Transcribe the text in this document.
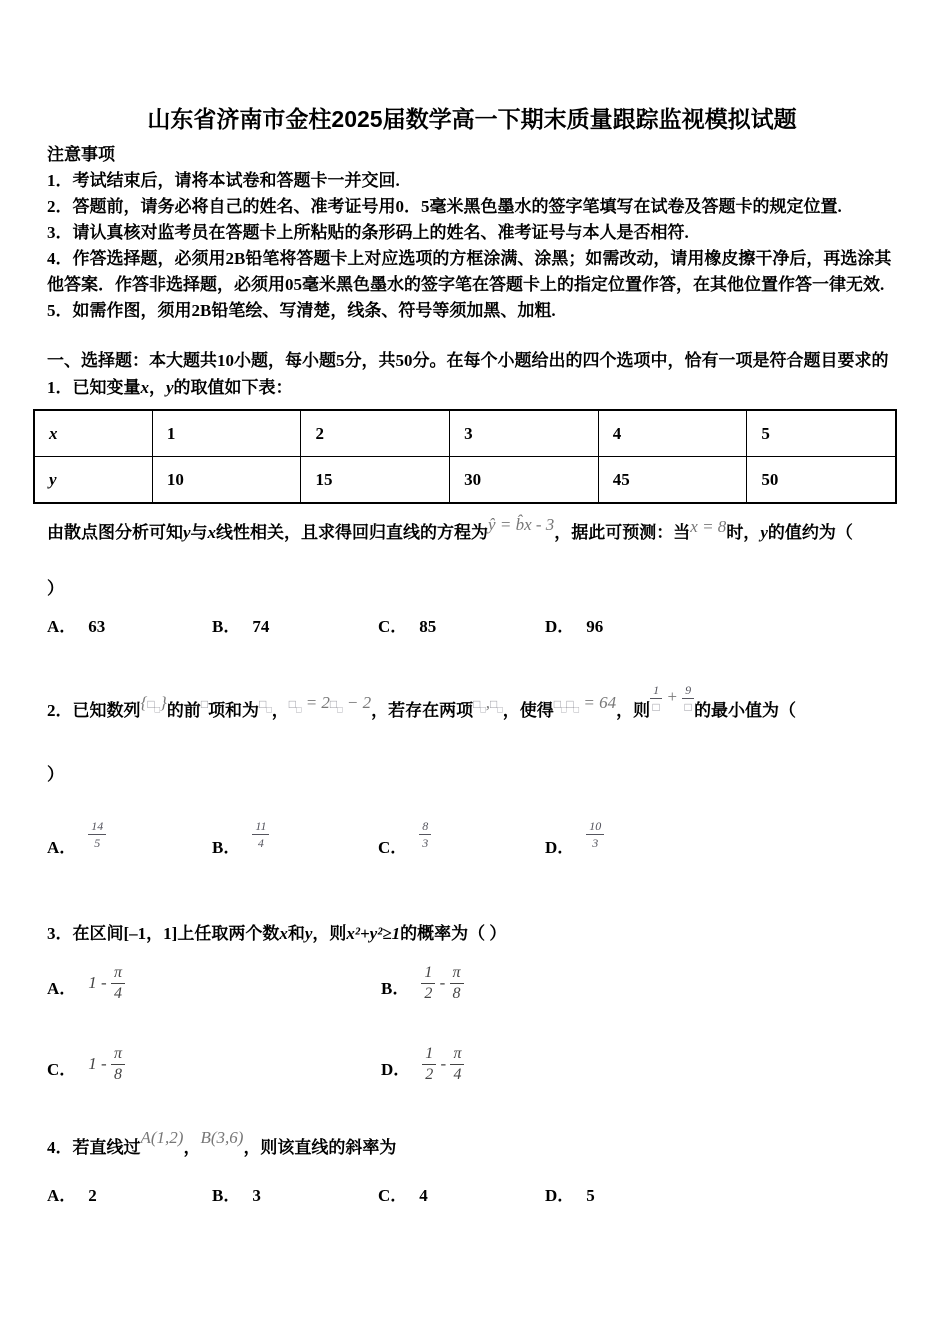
山东省济南市金柱2025届数学高一下期末质量跟踪监视模拟试题
注意事项
1．考试结束后，请将本试卷和答题卡一并交回.
2．答题前，请务必将自己的姓名、准考证号用0．5毫米黑色墨水的签字笔填写在试卷及答题卡的规定位置.
3．请认真核对监考员在答题卡上所粘贴的条形码上的姓名、准考证号与本人是否相符.
4．作答选择题，必须用2B铅笔将答题卡上对应选项的方框涂满、涂黑；如需改动，请用橡皮擦干净后，再选涂其他答案．作答非选择题，必须用05毫米黑色墨水的签字笔在答题卡上的指定位置作答，在其他位置作答一律无效.
5．如需作图，须用2B铅笔绘、写清楚，线条、符号等须加黑、加粗.
一、选择题：本大题共10小题，每小题5分，共50分。在每个小题给出的四个选项中，恰有一项是符合题目要求的
1．已知变量x，y的取值如下表：
x	1	2	3	4	5
y	10	15	30	45	50
由散点图分析可知y与x线性相关，且求得回归直线的方程为ŷ = b̂x - 3，据此可预测：当x = 8时，y的值约为（
）
A． 63	B． 74	C． 85	D． 96
2．已知数列$\{□_□\}$的前□项和为$□_□$，$□_□$ = $2□_□ - 2$，若存在两项$□_□,□_□$，使得$□_□□_□ = 64$，则 $\frac{1}{□} + \frac{9}{□}$ 的最小值为（
）
A． $\frac{14}{5}$	B． $\frac{11}{4}$	C． $\frac{8}{3}$	D． $\frac{10}{3}$
3．在区间[–1，1]上任取两个数x和y，则x²+y²≥1的概率为（ ）
A． $1 - \frac{\pi}{4}$	B． $\frac{1}{2} - \frac{\pi}{8}$
C． $1 - \frac{\pi}{8}$	D． $\frac{1}{2} - \frac{\pi}{4}$
4．若直线过A(1,2)，B(3,6)，则该直线的斜率为
A． 2	B． 3	C． 4	D． 5
